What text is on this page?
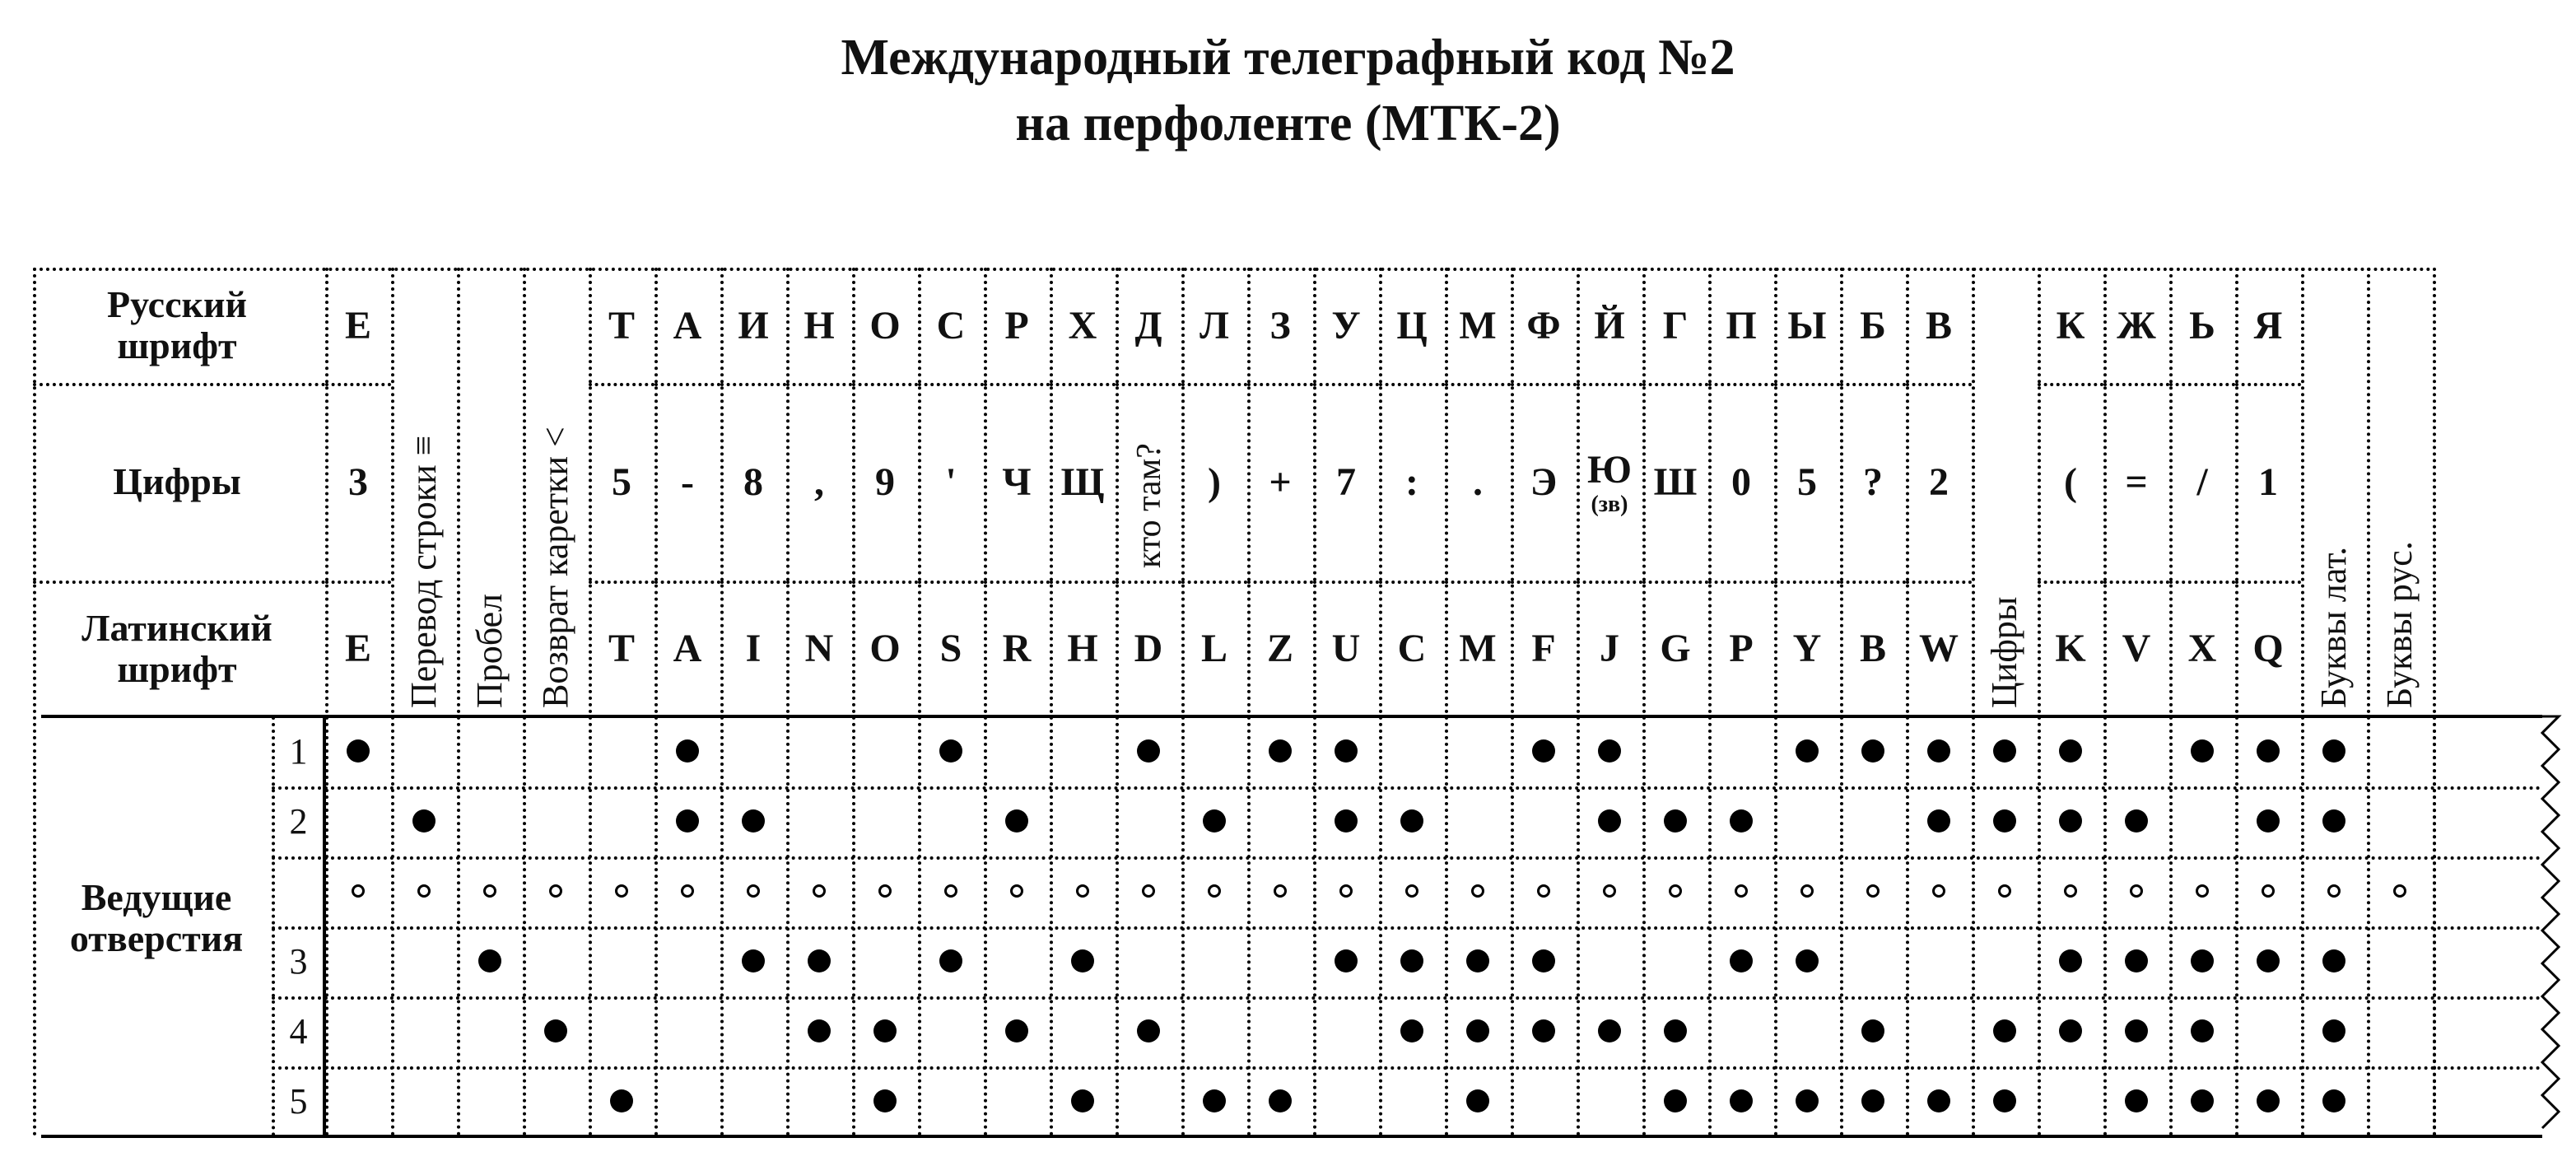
Международный телеграфный код №2
на перфоленте (МТК-2)
Русский шрифт
Цифры
Латинский шрифт
Ведущие отверстия
1
2
3
4
5
Е
3
Е Перевод строки ≡ Пробел Возврат каретки <
Т
5
T
А
-
A
И
8
I
Н
,
N
О
9
O
С
'
S
Р
Ч
R
Х
Щ
H
Д
кто там?
D
Л
)
L
З
+
Z
У
7
U
Ц
:
C
М
.
M
Ф
Э
F
Й
Ю
(зв)
J
Г
Ш
G
П
0
P
Ы
5
Y
Б
?
B
В
2
W Цифры
К
(
K
Ж
=
V
Ь
/
X
Я
1
Q Буквы лат. Буквы рус.
